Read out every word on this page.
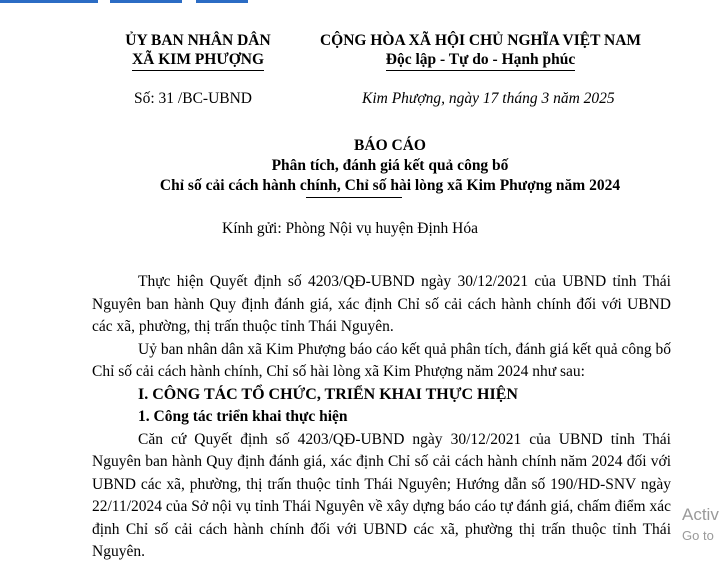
ỦY BAN NHÂN DÂN
XÃ KIM PHƯỢNG
CỘNG HÒA XÃ HỘI CHỦ NGHĨA VIỆT NAM
Độc lập - Tự do - Hạnh phúc
Số: 31 /BC-UBND	Kim Phượng, ngày 17 tháng 3 năm 2025
BÁO CÁO
Phân tích, đánh giá kết quả công bố
Chỉ số cải cách hành chính, Chỉ số hài lòng xã Kim Phượng năm 2024
Kính gửi: Phòng Nội vụ huyện Định Hóa

Thực hiện Quyết định số 4203/QĐ-UBND ngày 30/12/2021 của UBND tỉnh Thái Nguyên ban hành Quy định đánh giá, xác định Chỉ số cải cách hành chính đối với UBND các xã, phường, thị trấn thuộc tỉnh Thái Nguyên.

Uỷ ban nhân dân xã Kim Phượng báo cáo kết quả phân tích, đánh giá kết quả công bố Chỉ số cải cách hành chính, Chỉ số hài lòng xã Kim Phượng năm 2024 như sau:

I. CÔNG TÁC TỔ CHỨC, TRIỂN KHAI THỰC HIỆN

1. Công tác triển khai thực hiện

Căn cứ Quyết định số 4203/QĐ-UBND ngày 30/12/2021 của UBND tỉnh Thái Nguyên ban hành Quy định đánh giá, xác định Chỉ số cải cách hành chính năm 2024 đối với UBND các xã, phường, thị trấn thuộc tỉnh Thái Nguyên; Hướng dẫn số 190/HD-SNV ngày 22/11/2024 của Sở nội vụ tỉnh Thái Nguyên về xây dựng báo cáo tự đánh giá, chấm điểm xác định Chỉ số cải cách hành chính đối với UBND các xã, phường thị trấn thuộc tỉnh Thái Nguyên.

Activ
Go to
